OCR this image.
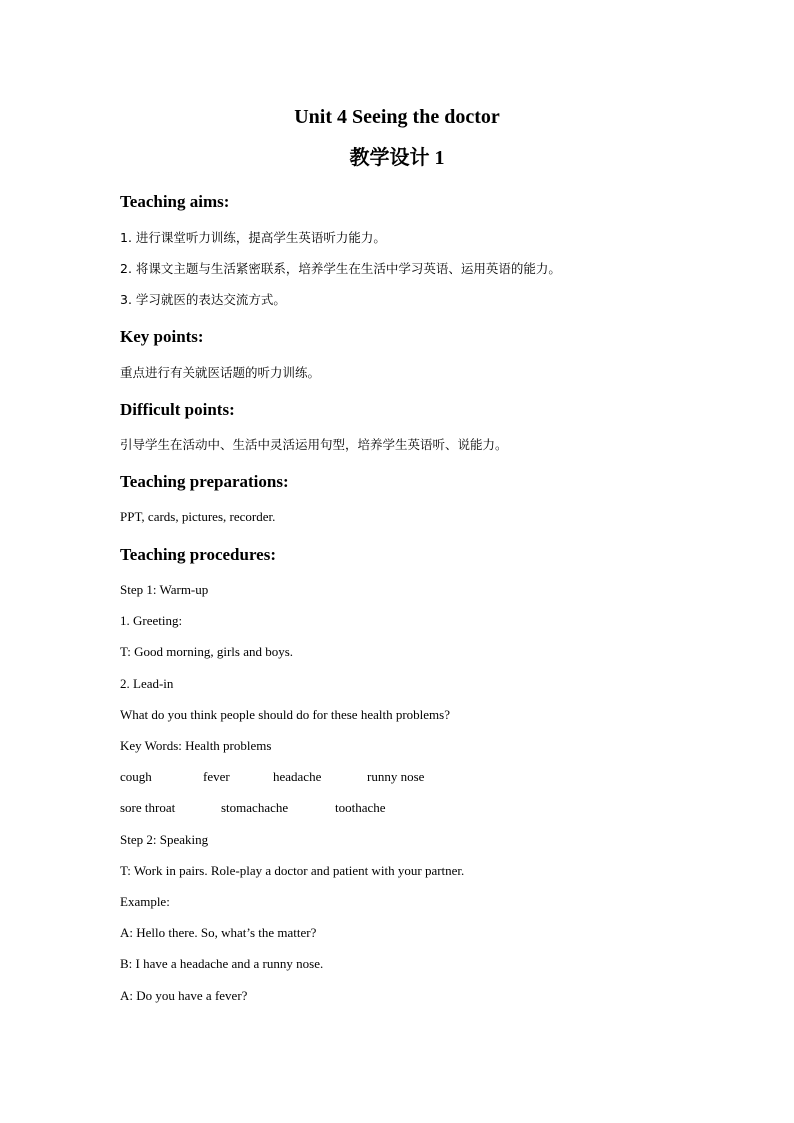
Unit 4 Seeing the doctor
教学设计 1
Teaching aims:
1. 进行课堂听力训练，提高学生英语听力能力。
2. 将课文主题与生活紧密联系，培养学生在生活中学习英语、运用英语的能力。
3. 学习就医的表达交流方式。
Key points:
重点进行有关就医话题的听力训练。
Difficult points:
引导学生在活动中、生活中灵活运用句型，培养学生英语听、说能力。
Teaching preparations:
PPT, cards, pictures, recorder.
Teaching procedures:
Step 1: Warm-up
1. Greeting:
T: Good morning, girls and boys.
2. Lead-in
What do you think people should do for these health problems?
Key Words: Health problems
cough	fever	headache	runny nose
sore throat	stomachache	toothache
Step 2: Speaking
T: Work in pairs. Role-play a doctor and patient with your partner.
Example:
A: Hello there. So, what’s the matter?
B: I have a headache and a runny nose.
A: Do you have a fever?
